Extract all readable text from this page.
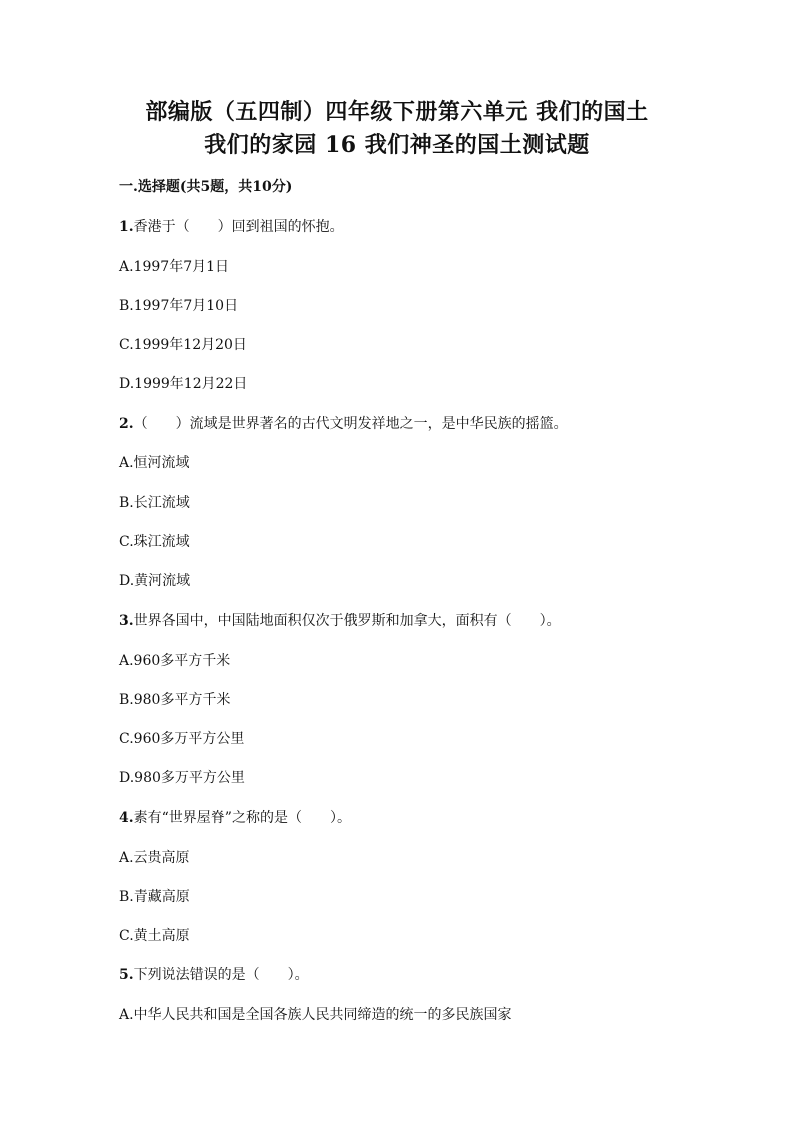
部编版（五四制）四年级下册第六单元 我们的国土
我们的家园 16 我们神圣的国土测试题
一.选择题(共5题，共10分)
1.香港于（　　）回到祖国的怀抱。
A.1997年7月1日
B.1997年7月10日
C.1999年12月20日
D.1999年12月22日
2.（　　）流域是世界著名的古代文明发祥地之一，是中华民族的摇篮。
A.恒河流域
B.长江流域
C.珠江流域
D.黄河流域
3.世界各国中，中国陆地面积仅次于俄罗斯和加拿大，面积有（　　）。
A.960多平方千米
B.980多平方千米
C.960多万平方公里
D.980多万平方公里
4.素有“世界屋脊”之称的是（　　）。
A.云贵高原
B.青藏高原
C.黄土高原
5.下列说法错误的是（　　）。
A.中华人民共和国是全国各族人民共同缔造的统一的多民族国家
